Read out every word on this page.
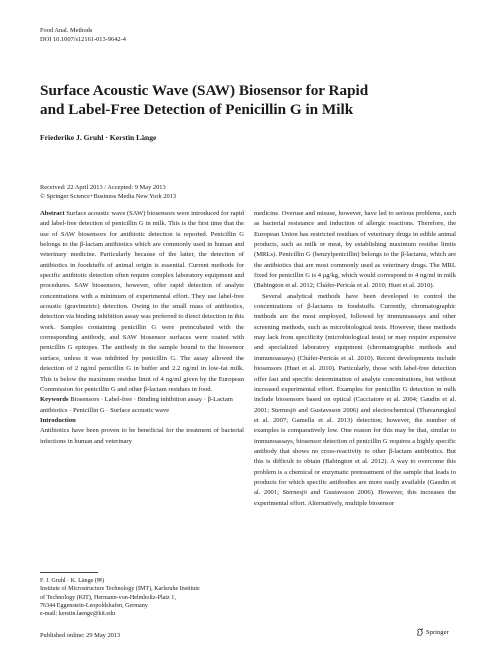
Food Anal. Methods
DOI 10.1007/s12161-013-9642-4
Surface Acoustic Wave (SAW) Biosensor for Rapid
and Label-Free Detection of Penicillin G in Milk
Friederike J. Gruhl · Kerstin Länge
Received: 22 April 2013 / Accepted: 9 May 2013
© Springer Science+Business Media New York 2013

Abstract Surface acoustic wave (SAW) biosensors were introduced for rapid and label-free detection of penicillin G in milk. This is the first time that the use of SAW biosensors for antibiotic detection is reported. Penicillin G belongs to the β-lactam antibiotics which are commonly used in human and veterinary medicine. Particularly because of the latter, the detection of antibiotics in foodstuffs of animal origin is essential. Current methods for specific antibiotic detection often require complex laboratory equipment and procedures. SAW biosensors, however, offer rapid detection of analyte concentrations with a minimum of experimental effort. They use label-free acoustic (gravimetric) detection. Owing to the small mass of antibiotics, detection via binding inhibition assay was preferred to direct detection in this work. Samples containing penicillin G were preincubated with the corresponding antibody, and SAW biosensor surfaces were coated with penicillin G epitopes. The antibody in the sample bound to the biosensor surface, unless it was inhibited by penicillin G. The assay allowed the detection of 2 ng/ml penicillin G in buffer and 2.2 ng/ml in low-fat milk. This is below the maximum residue limit of 4 ng/ml given by the European Commission for penicillin G and other β-lactam residues in food.

Keywords Biosensors · Label-free · Binding inhibition assay · β-Lactam antibiotics · Penicillin G · Surface acoustic wave

Introduction

Antibiotics have been proven to be beneficial for the treatment of bacterial infections in human and veterinary

medicine. Overuse and misuse, however, have led to serious problems, such as bacterial resistance and induction of allergic reactions. Therefore, the European Union has restricted residues of veterinary drugs in edible animal products, such as milk or meat, by establishing maximum residue limits (MRLs). Penicillin G (benzylpenicillin) belongs to the β-lactams, which are the antibiotics that are most commonly used as veterinary drugs. The MRL fixed for penicillin G is 4 μg/kg, which would correspond to 4 ng/ml in milk (Babington et al. 2012; Cháfer-Pericás et al. 2010; Huet et al. 2010).

Several analytical methods have been developed to control the concentrations of β-lactams in foodstuffs. Currently, chromatographic methods are the most employed, followed by immunoassays and other screening methods, such as microbiological tests. However, these methods may lack from specificity (microbiological tests) or may require expensive and specialized laboratory equipment (chromatographic methods and immunoassays) (Cháfer-Pericás et al. 2010). Recent developments include biosensors (Huet et al. 2010). Particularly, those with label-free detection offer fast and specific determination of analyte concentrations, but without increased experimental effort. Examples for penicillin G detection in milk include biosensors based on optical (Cacciatore et al. 2004; Gaudin et al. 2001; Sternesjö and Gustavsson 2006) and electrochemical (Thavarungkul et al. 2007; Gamella et al. 2013) detection; however, the number of examples is comparatively low. One reason for this may be that, similar to immunoassays, biosensor detection of penicillin G requires a highly specific antibody that shows no cross-reactivity to other β-lactam antibiotics. But this is difficult to obtain (Babington et al. 2012). A way to overcome this problem is a chemical or enzymatic pretreatment of the sample that leads to products for which specific antibodies are more easily available (Gaudin et al. 2001; Sternesjö and Gustavsson 2006). However, this increases the experimental effort. Alternatively, multiple biosensor

F. J. Gruhl · K. Länge (✉)
Institute of Microstructure Technology (IMT), Karlsruhe Institute
of Technology (KIT), Hermann-von-Helmholtz-Platz 1,
76344 Eggenstein-Leopoldshafen, Germany
e-mail: kerstin.laenge@kit.edu
Published online: 29 May 2013	Springer
